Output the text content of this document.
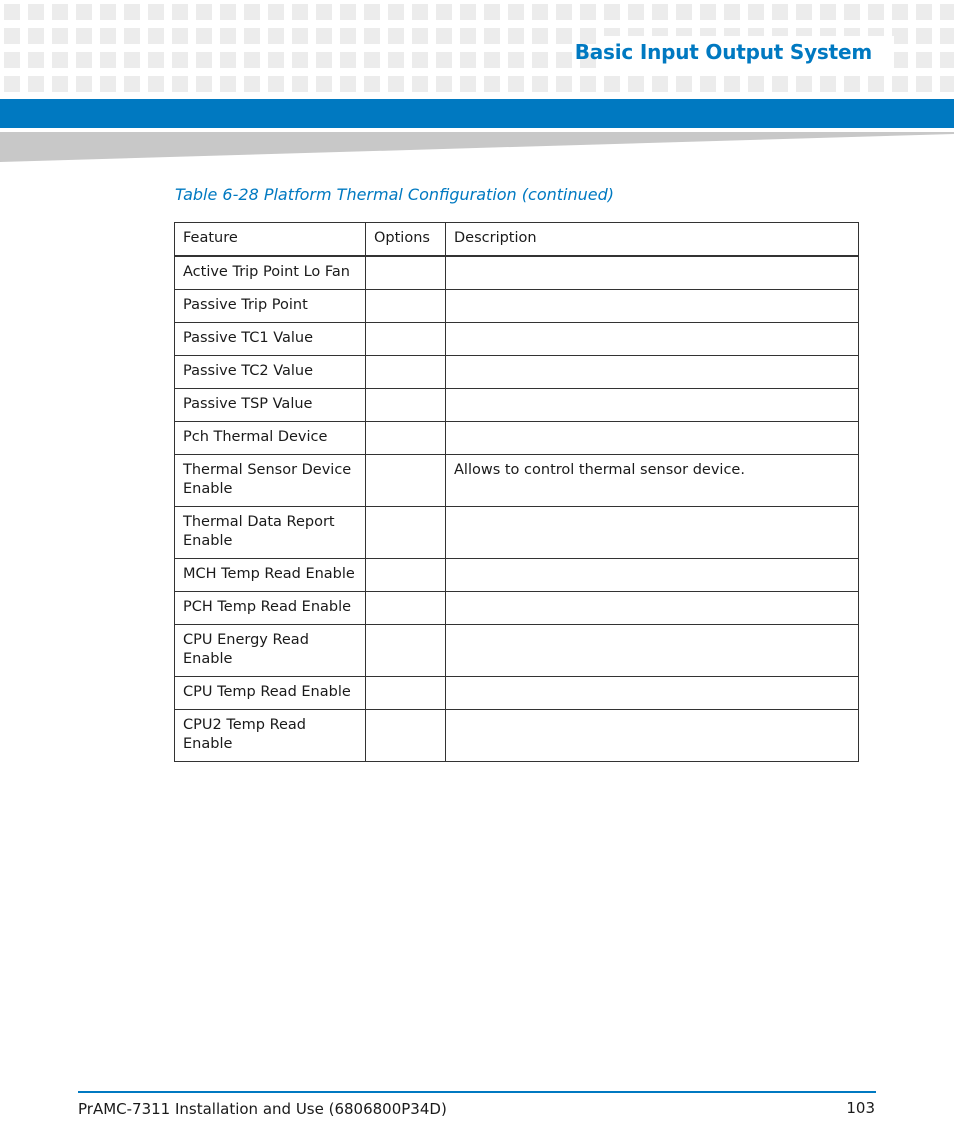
Basic Input Output System
Table 6-28 Platform Thermal Configuration (continued)
Feature	Options	Description
Active Trip Point Lo Fan		
Passive Trip Point		
Passive TC1 Value		
Passive TC2 Value		
Passive TSP Value		
Pch Thermal Device		
Thermal Sensor Device Enable		Allows to control thermal sensor device.
Thermal Data Report Enable		
MCH Temp Read Enable		
PCH Temp Read Enable		
CPU Energy Read Enable		
CPU Temp Read Enable		
CPU2 Temp Read Enable		
PrAMC-7311 Installation and Use (6806800P34D)	103
